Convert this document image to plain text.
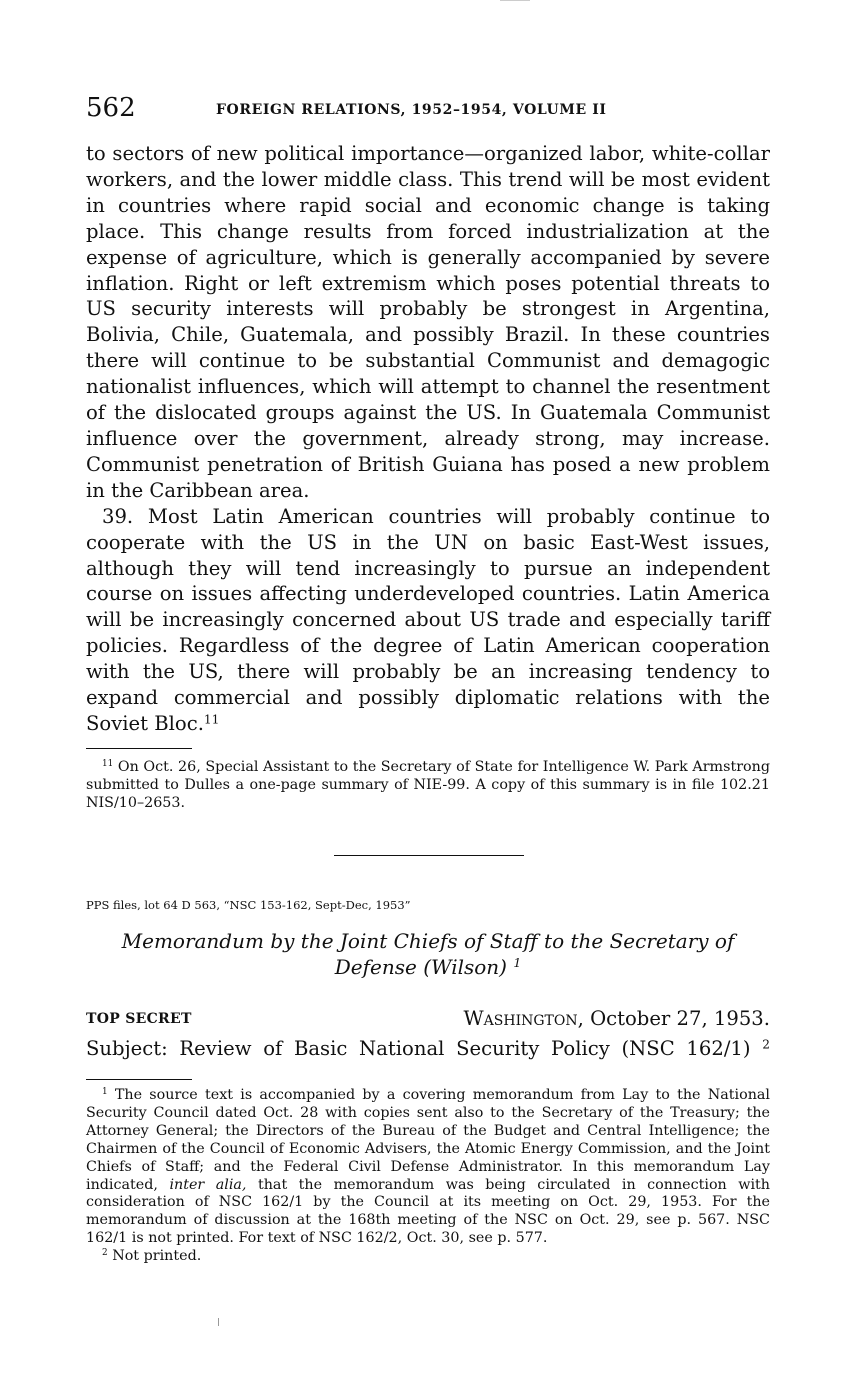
562	FOREIGN RELATIONS, 1952–1954, VOLUME II

to sectors of new political importance—organized labor, white-collar workers, and the lower middle class. This trend will be most evident in countries where rapid social and economic change is taking place. This change results from forced industrialization at the expense of agriculture, which is generally accompanied by severe inflation. Right or left extremism which poses potential threats to US security interests will probably be strongest in Argentina, Bolivia, Chile, Guatemala, and possibly Brazil. In these countries there will continue to be substantial Communist and demagogic nationalist influences, which will attempt to channel the resentment of the dislocated groups against the US. In Guatemala Communist influence over the government, already strong, may increase. Communist penetration of British Guiana has posed a new problem in the Caribbean area.

39. Most Latin American countries will probably continue to cooperate with the US in the UN on basic East-West issues, although they will tend increasingly to pursue an independent course on issues affecting underdeveloped countries. Latin America will be increasingly concerned about US trade and especially tariff policies. Regardless of the degree of Latin American cooperation with the US, there will probably be an increasing tendency to expand commercial and possibly diplomatic relations with the Soviet Bloc.$^{11}$

$^{11}$ On Oct. 26, Special Assistant to the Secretary of State for Intelligence W. Park Armstrong submitted to Dulles a one-page summary of NIE-99. A copy of this summary is in file 102.21 NIS/10–2653.

PPS files, lot 64 D 563, “NSC 153-162, Sept-Dec, 1953”
Memorandum by the Joint Chiefs of Staff to the Secretary of Defense (Wilson) $^1$
TOP SECRET	Washington, October 27, 1953.
Subject: Review of Basic National Security Policy (NSC 162/1) $^2$

$^1$ The source text is accompanied by a covering memorandum from Lay to the National Security Council dated Oct. 28 with copies sent also to the Secretary of the Treasury; the Attorney General; the Directors of the Bureau of the Budget and Central Intelligence; the Chairmen of the Council of Economic Advisers, the Atomic Energy Commission, and the Joint Chiefs of Staff; and the Federal Civil Defense Administrator. In this memorandum Lay indicated, inter alia, that the memorandum was being circulated in connection with consideration of NSC 162/1 by the Council at its meeting on Oct. 29, 1953. For the memorandum of discussion at the 168th meeting of the NSC on Oct. 29, see p. 567. NSC 162/1 is not printed. For text of NSC 162/2, Oct. 30, see p. 577.

$^2$ Not printed.
